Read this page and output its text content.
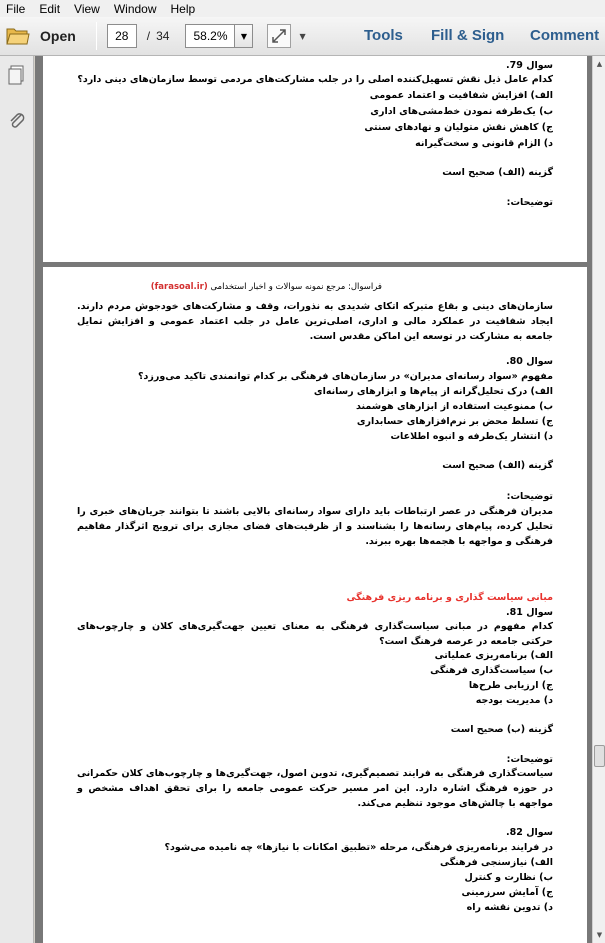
File	Edit	View	Window	Help
Open	28	/ 34	58.2%	▼	▼	Tools Fill & Sign Comment
سوال 79.
کدام عامل ذیل نقش تسهیل‌کننده اصلی را در جلب مشارکت‌های مردمی توسط سازمان‌های دینی دارد؟
الف) افزایش شفافیت و اعتماد عمومی
ب) یک‌طرفه نمودن خط‌مشی‌های اداری
ج) کاهش نقش متولیان و نهادهای سنتی
د) الزام قانونی و سخت‌گیرانه
گزینه (الف) صحیح است
توضیحات:
فراسوال: مرجع نمونه سوالات و اخبار استخدامی (farasoal.ir)
سازمان‌های دینی و بقاع متبرکه اتکای شدیدی به نذورات، وقف و مشارکت‌های خودجوش مردم دارند. ایجاد شفافیت در عملکرد مالی و اداری، اصلی‌ترین عامل در جلب اعتماد عمومی و افزایش تمایل جامعه به مشارکت در توسعه این اماکن مقدس است.
سوال 80.
مفهوم «سواد رسانه‌ای مدیران» در سازمان‌های فرهنگی بر کدام توانمندی تاکید می‌ورزد؟
الف) درک تحلیل‌گرانه از پیام‌ها و ابزارهای رسانه‌ای
ب) ممنوعیت استفاده از ابزارهای هوشمند
ج) تسلط محض بر نرم‌افزارهای حسابداری
د) انتشار یک‌طرفه و انبوه اطلاعات
گزینه (الف) صحیح است
توضیحات:
مدیران فرهنگی در عصر ارتباطات باید دارای سواد رسانه‌ای بالایی باشند تا بتوانند جریان‌های خبری را تحلیل کرده، پیام‌های رسانه‌ها را بشناسند و از ظرفیت‌های فضای مجازی برای ترویج اثرگذار مفاهیم فرهنگی و مواجهه با هجمه‌ها بهره ببرند.
مبانی سیاست گذاری و برنامه ریزی فرهنگی
سوال 81.
کدام مفهوم در مبانی سیاست‌گذاری فرهنگی به معنای تعیین جهت‌گیری‌های کلان و چارچوب‌های حرکتی جامعه در عرصه فرهنگ است؟
الف) برنامه‌ریزی عملیاتی
ب) سیاست‌گذاری فرهنگی
ج) ارزیابی طرح‌ها
د) مدیریت بودجه
گزینه (ب) صحیح است
توضیحات:
سیاست‌گذاری فرهنگی به فرایند تصمیم‌گیری، تدوین اصول، جهت‌گیری‌ها و چارچوب‌های کلان حکمرانی در حوزه فرهنگ اشاره دارد. این امر مسیر حرکت عمومی جامعه را برای تحقق اهداف مشخص و مواجهه با چالش‌های موجود تنظیم می‌کند.
سوال 82.
در فرایند برنامه‌ریزی فرهنگی، مرحله «تطبیق امکانات با نیازها» چه نامیده می‌شود؟
الف) نیازسنجی فرهنگی
ب) نظارت و کنترل
ج) آمایش سرزمینی
د) تدوین نقشه راه
▲
▼
